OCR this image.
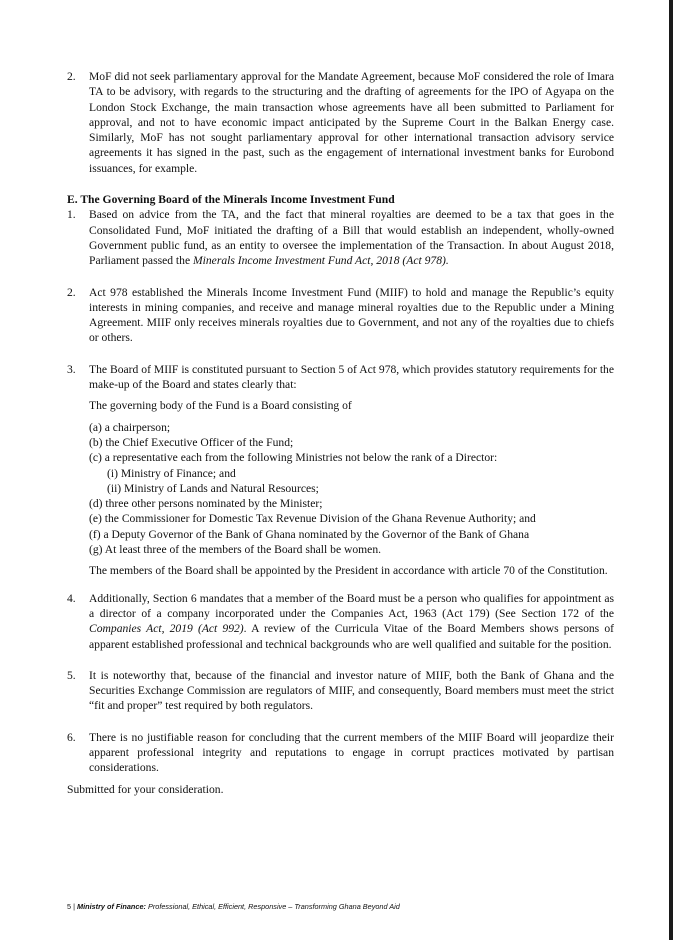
2. MoF did not seek parliamentary approval for the Mandate Agreement, because MoF considered the role of Imara TA to be advisory, with regards to the structuring and the drafting of agreements for the IPO of Agyapa on the London Stock Exchange, the main transaction whose agreements have all been submitted to Parliament for approval, and not to have economic impact anticipated by the Supreme Court in the Balkan Energy case. Similarly, MoF has not sought parliamentary approval for other international transaction advisory service agreements it has signed in the past, such as the engagement of international investment banks for Eurobond issuances, for example.
E. The Governing Board of the Minerals Income Investment Fund
1. Based on advice from the TA, and the fact that mineral royalties are deemed to be a tax that goes in the Consolidated Fund, MoF initiated the drafting of a Bill that would establish an independent, wholly-owned Government public fund, as an entity to oversee the implementation of the Transaction. In about August 2018, Parliament passed the Minerals Income Investment Fund Act, 2018 (Act 978).
2. Act 978 established the Minerals Income Investment Fund (MIIF) to hold and manage the Republic’s equity interests in mining companies, and receive and manage mineral royalties due to the Republic under a Mining Agreement. MIIF only receives minerals royalties due to Government, and not any of the royalties due to chiefs or others.
3. The Board of MIIF is constituted pursuant to Section 5 of Act 978, which provides statutory requirements for the make-up of the Board and states clearly that:
The governing body of the Fund is a Board consisting of
(a) a chairperson;
(b) the Chief Executive Officer of the Fund;
(c) a representative each from the following Ministries not below the rank of a Director:
(i) Ministry of Finance; and
(ii) Ministry of Lands and Natural Resources;
(d) three other persons nominated by the Minister;
(e) the Commissioner for Domestic Tax Revenue Division of the Ghana Revenue Authority; and
(f) a Deputy Governor of the Bank of Ghana nominated by the Governor of the Bank of Ghana
(g) At least three of the members of the Board shall be women.
The members of the Board shall be appointed by the President in accordance with article 70 of the Constitution.
4. Additionally, Section 6 mandates that a member of the Board must be a person who qualifies for appointment as a director of a company incorporated under the Companies Act, 1963 (Act 179) (See Section 172 of the Companies Act, 2019 (Act 992). A review of the Curricula Vitae of the Board Members shows persons of apparent established professional and technical backgrounds who are well qualified and suitable for the position.
5. It is noteworthy that, because of the financial and investor nature of MIIF, both the Bank of Ghana and the Securities Exchange Commission are regulators of MIIF, and consequently, Board members must meet the strict “fit and proper” test required by both regulators.
6. There is no justifiable reason for concluding that the current members of the MIIF Board will jeopardize their apparent professional integrity and reputations to engage in corrupt practices motivated by partisan considerations.
Submitted for your consideration.
5 | Ministry of Finance: Professional, Ethical, Efficient, Responsive – Transforming Ghana Beyond Aid
